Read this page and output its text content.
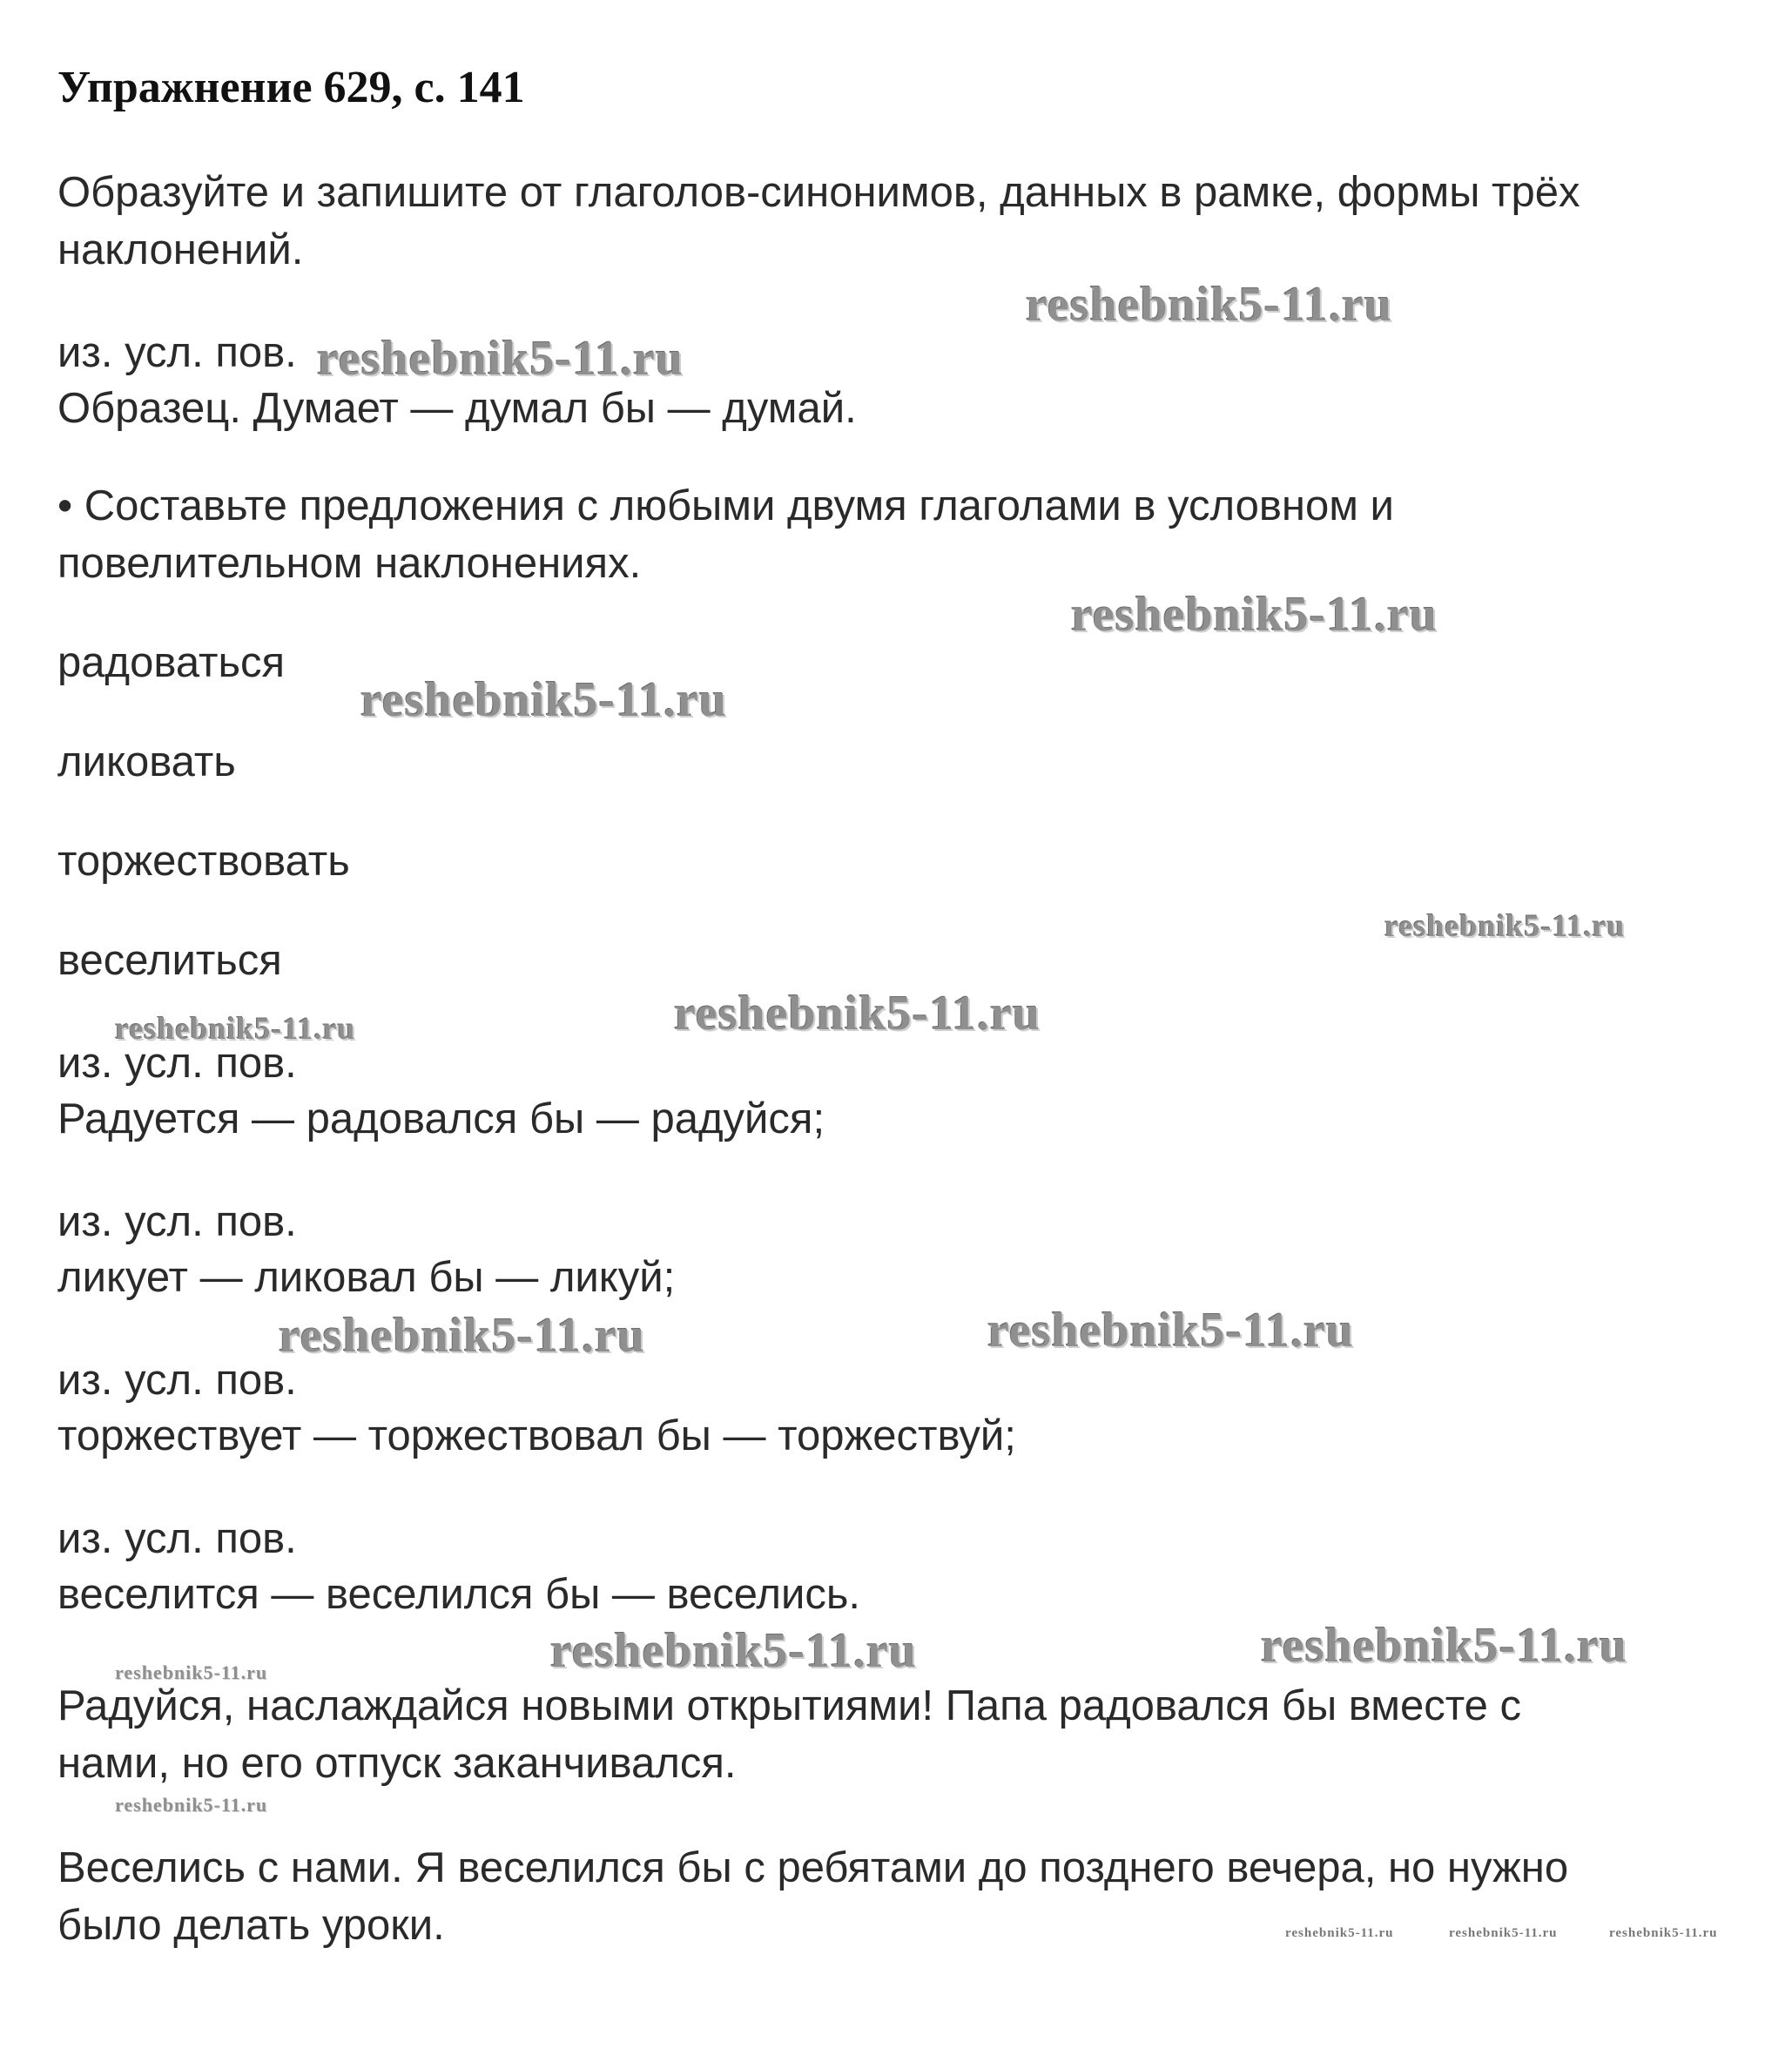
Упражнение 629, с. 141

Образуйте и запишите от глаголов-синонимов, данных в рамке, формы трёх

наклонений.

из. усл. пов.

Образец. Думает — думал бы — думай.

• Составьте предложения с любыми двумя глаголами в условном и

повелительном наклонениях.

радоваться

ликовать

торжествовать

веселиться

из. усл. пов.

Радуется — радовался бы — радуйся;

из. усл. пов.

ликует — ликовал бы — ликуй;

из. усл. пов.

торжествует — торжествовал бы — торжествуй;

из. усл. пов.

веселится — веселился бы — веселись.

Радуйся, наслаждайся новыми открытиями! Папа радовался бы вместе с

нами, но его отпуск заканчивался.

Веселись с нами. Я веселился бы с ребятами до позднего вечера, но нужно

было делать уроки.

reshebnik5-11.ru
reshebnik5-11.ru
reshebnik5-11.ru
reshebnik5-11.ru
reshebnik5-11.ru
reshebnik5-11.ru
reshebnik5-11.ru
reshebnik5-11.ru	reshebnik5-11.ru
reshebnik5-11.ru	reshebnik5-11.ru
reshebnik5-11.ru
reshebnik5-11.ru
reshebnik5-11.ru	reshebnik5-11.ru	reshebnik5-11.ru
